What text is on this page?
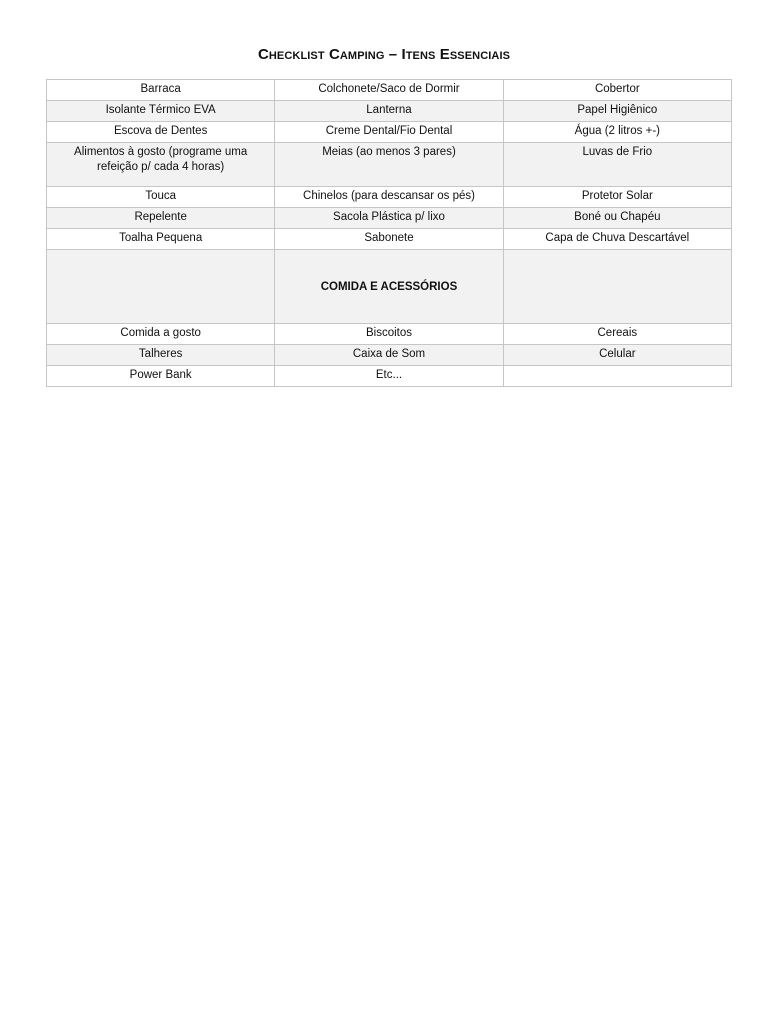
Checklist Camping – Itens Essenciais
Barraca	Colchonete/Saco de Dormir	Cobertor

Isolante Térmico EVA	Lanterna	Papel Higiênico

Escova de Dentes	Creme Dental/Fio Dental	Água (2 litros +-)

Alimentos à gosto (programe uma refeição p/ cada 4 horas)	Meias (ao menos 3 pares)	Luvas de Frio

Touca	Chinelos (para descansar os pés)	Protetor Solar

Repelente	Sacola Plástica p/ lixo	Boné ou Chapéu

Toalha Pequena	Sabonete	Capa de Chuva Descartável

	COMIDA E ACESSÓRIOS	

Comida a gosto	Biscoitos	Cereais

Talheres	Caixa de Som	Celular

Power Bank	Etc...	
